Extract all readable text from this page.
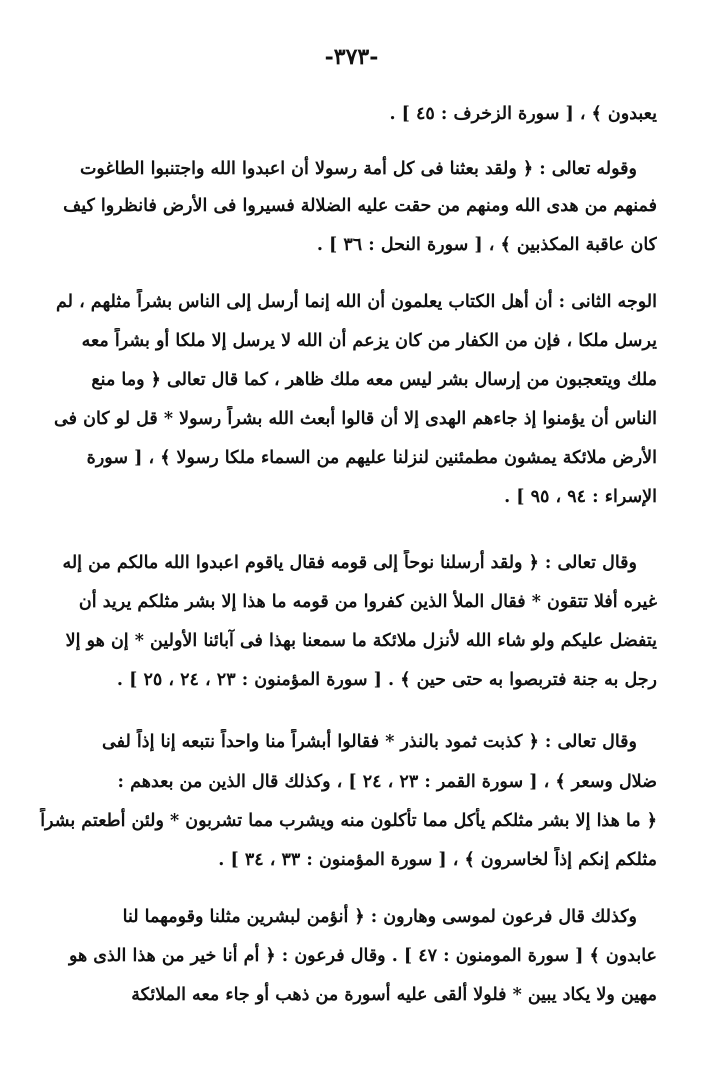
-٣٧٣-
يعبدون ﴾ ، [ سورة الزخرف : ٤٥ ] .
وقوله تعالى : ﴿ ولقد بعثنا فى كل أمة رسولا أن اعبدوا الله واجتنبوا الطاغوت
فمنهم من هدى الله ومنهم من حقت عليه الضلالة فسيروا فى الأرض فانظروا كيف
كان عاقبة المكذبين ﴾ ، [ سورة النحل : ٣٦ ] .
الوجه الثانى : أن أهل الكتاب يعلمون أن الله إنما أرسل إلى الناس بشراً مثلهم ، لم
يرسل ملكا ، فإن من الكفار من كان يزعم أن الله لا يرسل إلا ملكا أو بشراً معه
ملك ويتعجبون من إرسال بشر ليس معه ملك ظاهر ، كما قال تعالى ﴿ وما منع
الناس أن يؤمنوا إذ جاءهم الهدى إلا أن قالوا أبعث الله بشراً رسولا * قل لو كان فى
الأرض ملائكة يمشون مطمئنين لنزلنا عليهم من السماء ملكا رسولا ﴾ ، [ سورة
الإسراء : ٩٤ ، ٩٥ ] .
وقال تعالى : ﴿ ولقد أرسلنا نوحاً إلى قومه فقال ياقوم اعبدوا الله مالكم من إله
غيره أفلا تتقون * فقال الملأ الذين كفروا من قومه ما هذا إلا بشر مثلكم يريد أن
يتفضل عليكم ولو شاء الله لأنزل ملائكة ما سمعنا بهذا فى آبائنا الأولين * إن هو إلا
رجل به جنة فتربصوا به حتى حين ﴾ . [ سورة المؤمنون : ٢٣ ، ٢٤ ، ٢٥ ] .
وقال تعالى : ﴿ كذبت ثمود بالنذر * فقالوا أبشراً منا واحداً نتبعه إنا إذاً لفى
ضلال وسعر ﴾ ، [ سورة القمر : ٢٣ ، ٢٤ ] ، وكذلك قال الذين من بعدهم :
﴿ ما هذا إلا بشر مثلكم يأكل مما تأكلون منه ويشرب مما تشربون * ولئن أطعتم بشراً
مثلكم إنكم إذاً لخاسرون ﴾ ، [ سورة المؤمنون : ٣٣ ، ٣٤ ] .
وكذلك قال فرعون لموسى وهارون : ﴿ أنؤمن لبشرين مثلنا وقومهما لنا
عابدون ﴾ [ سورة المومنون : ٤٧ ] . وقال فرعون : ﴿ أم أنا خير من هذا الذى هو
مهين ولا يكاد يبين * فلولا ألقى عليه أسورة من ذهب أو جاء معه الملائكة
